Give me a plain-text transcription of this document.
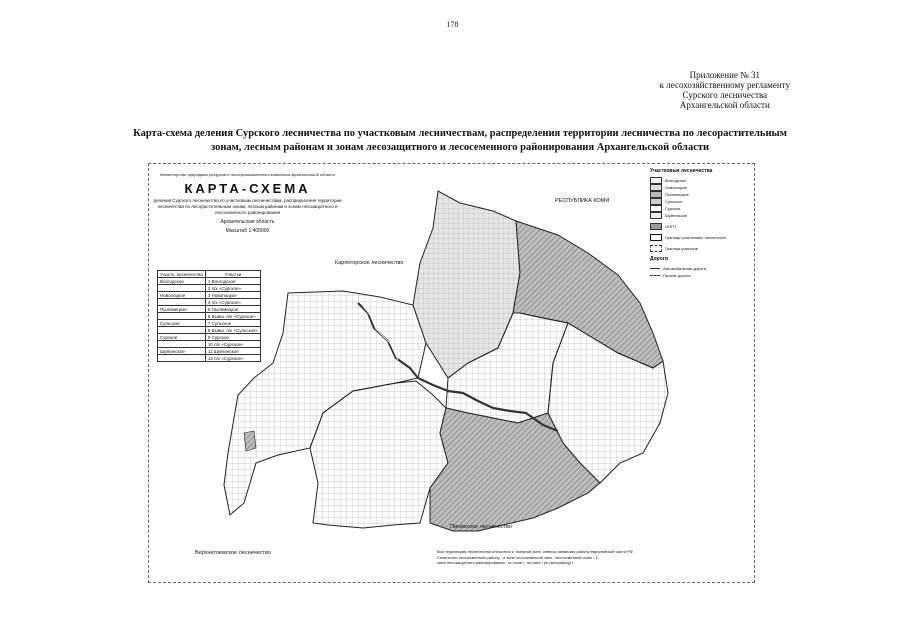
178
Приложение № 31
к лесохозяйственному регламенту
Сурского лесничества
Архангельской области
Карта-схема деления Сурского лесничества по участковым лесничествам, распределения территории лесничества по лесорастительным зонам, лесным районам и зонам лесозащитного и лесосеменного районирования Архангельской области
Министерство природных ресурсов и лесопромышленного комплекса Архангельской области
КАРТА-СХЕМА
деления Сурского лесничества по участковым лесничествам, распределения территории лесничества по лесорастительным зонам, лесным районам и зонам лесозащитного и лесосеменного районирования
Архангельская область
Масштаб 1:400000
Участк. лесничества	Участки
Вонгодское	1 Вонгодское
	2 п/х «Сурское»
Новопоцкое	3 Новопоцкое
	4 п/х «Сурское»
Пылемецкое	5 Пылемецкое
	6 Бывш. п/х «Сурское»
Сульское	7 Сульское
	8 Бывш. п/х «Сульское»
Сурское	9 Сурское
	10 п/х «Сурское»
Шуйгинское	11 Шуйгинское
	12 п/х «Сурское»
РЕСПУБЛИКА КОМИ
Карпогорское лесничество
Пинежское лесничество
Верхнетоемское лесничество
Участковые лесничества
Вонгодское
Новопоцкое
Пылемецкое
Сульское
Сурское
Шуйгинское
ООПТ
Границы участковых лесничеств
Граница участков
Дороги
Автомобильная дорога
Прочие дороги
Вся территория лесничества относится к: таежной зоне, северо-таежному району европейской части РФ,
Сесеночно-лесосеменной району - в зоне лесосеменной зоне, лесосеменной зоны - 1;
зона лесозащитного районирования - по зоне I, по зоне I (по ветровалу) I
